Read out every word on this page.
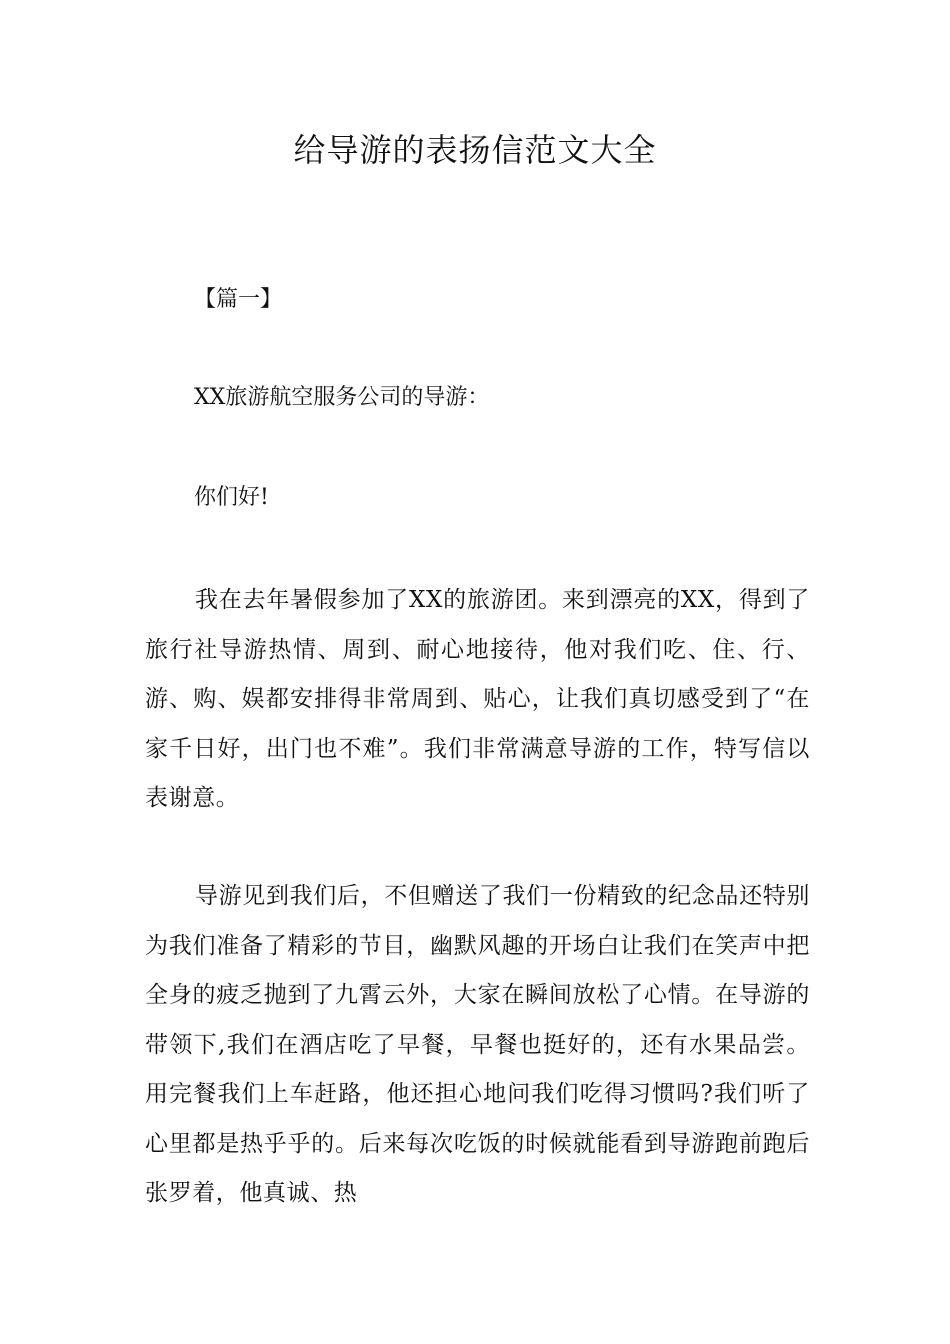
给导游的表扬信范文大全
【篇一】
XX旅游航空服务公司的导游：
你们好!

我在去年暑假参加了XX的旅游团。来到漂亮的XX，得到了旅行社导游热情、周到、耐心地接待，他对我们吃、住、行、游、购、娱都安排得非常周到、贴心，让我们真切感受到了“在家千日好，出门也不难”。我们非常满意导游的工作，特写信以表谢意。

导游见到我们后，不但赠送了我们一份精致的纪念品还特别为我们准备了精彩的节目，幽默风趣的开场白让我们在笑声中把全身的疲乏抛到了九霄云外，大家在瞬间放松了心情。在导游的带领下,我们在酒店吃了早餐，早餐也挺好的，还有水果品尝。用完餐我们上车赶路，他还担心地问我们吃得习惯吗?我们听了心里都是热乎乎的。后来每次吃饭的时候就能看到导游跑前跑后张罗着，他真诚、热
